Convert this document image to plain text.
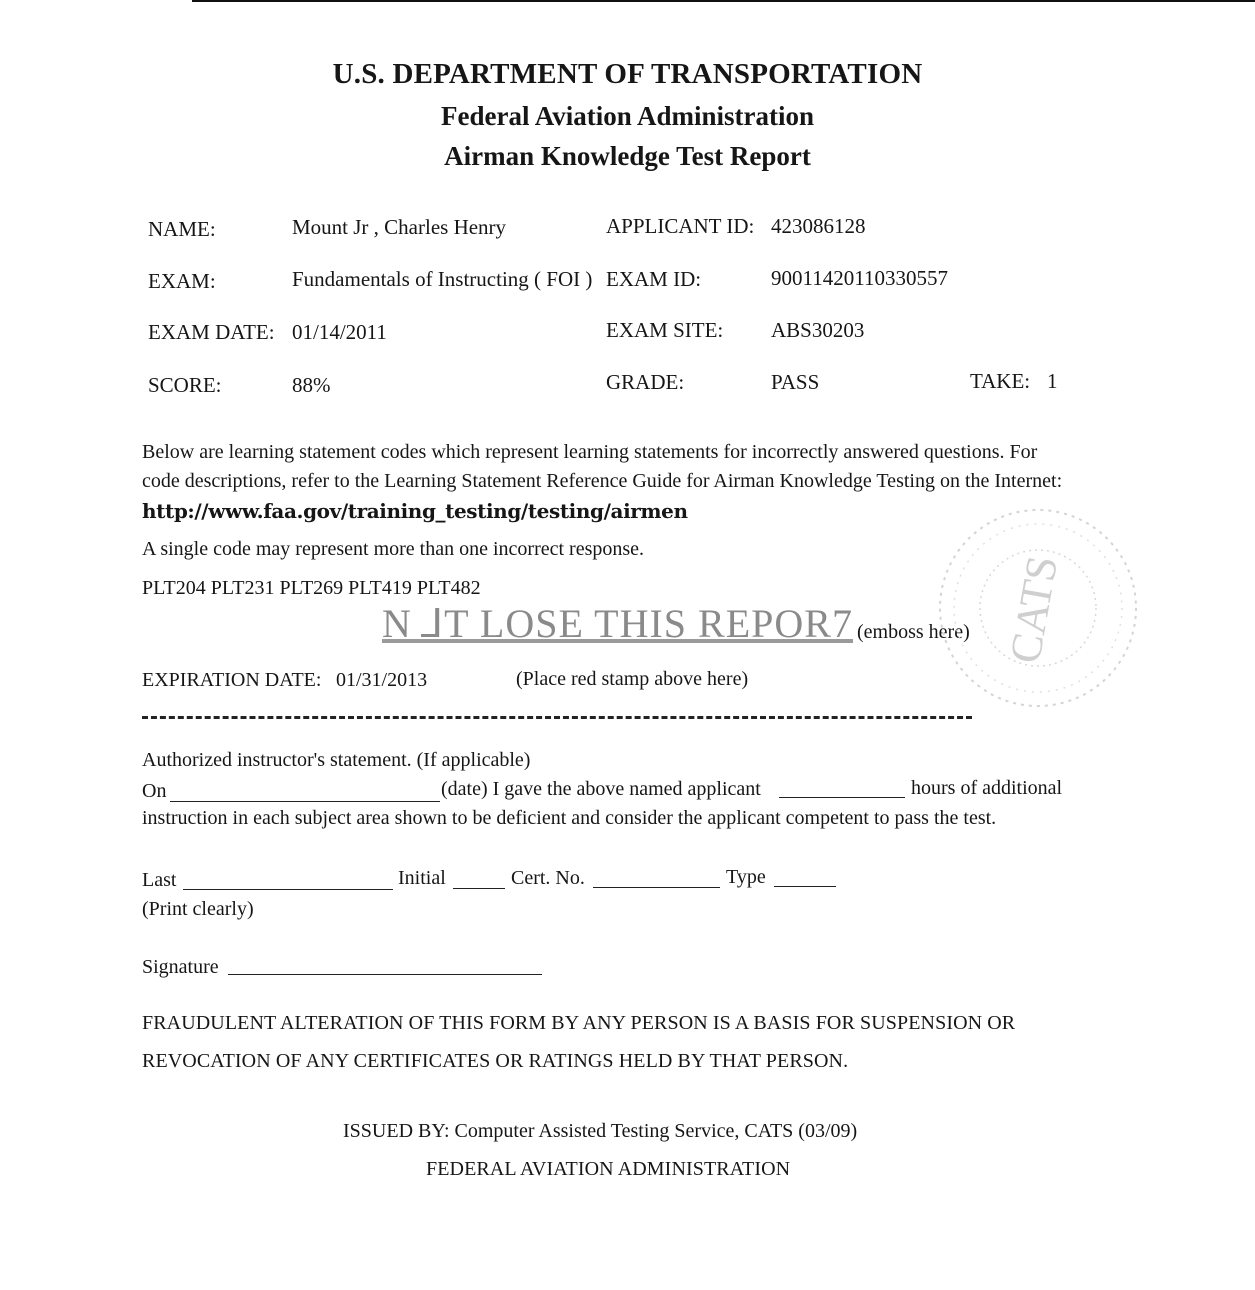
U.S. DEPARTMENT OF TRANSPORTATION
Federal Aviation Administration
Airman Knowledge Test Report
NAME:	Mount Jr , Charles Henry	APPLICANT ID: 423086128
EXAM:	Fundamentals of Instructing ( FOI ) EXAM ID:	90011420110330557
EXAM DATE: 01/14/2011	EXAM SITE: ABS30203
SCORE:	88%	GRADE:	PASS	TAKE: 1
Below are learning statement codes which represent learning statements for incorrectly answered questions. For
code descriptions, refer to the Learning Statement Reference Guide for Airman Knowledge Testing on the Internet:
http://www.faa.gov/training_testing/testing/airmen
A single code may represent more than one incorrect response.
PLT204 PLT231 PLT269 PLT419 PLT482
N ⅃T LOSE THIS REPOR7 (emboss here) CATS
EXPIRATION DATE: 01/31/2013	(Place red stamp above here)
Authorized instructor's statement. (If applicable)
On	(date) I gave the above named applicant	hours of additional
instruction in each subject area shown to be deficient and consider the applicant competent to pass the test.
Last	Initial	Cert. No.	Type
(Print clearly)
Signature
FRAUDULENT ALTERATION OF THIS FORM BY ANY PERSON IS A BASIS FOR SUSPENSION OR
REVOCATION OF ANY CERTIFICATES OR RATINGS HELD BY THAT PERSON.
ISSUED BY: Computer Assisted Testing Service, CATS (03/09)
FEDERAL AVIATION ADMINISTRATION
